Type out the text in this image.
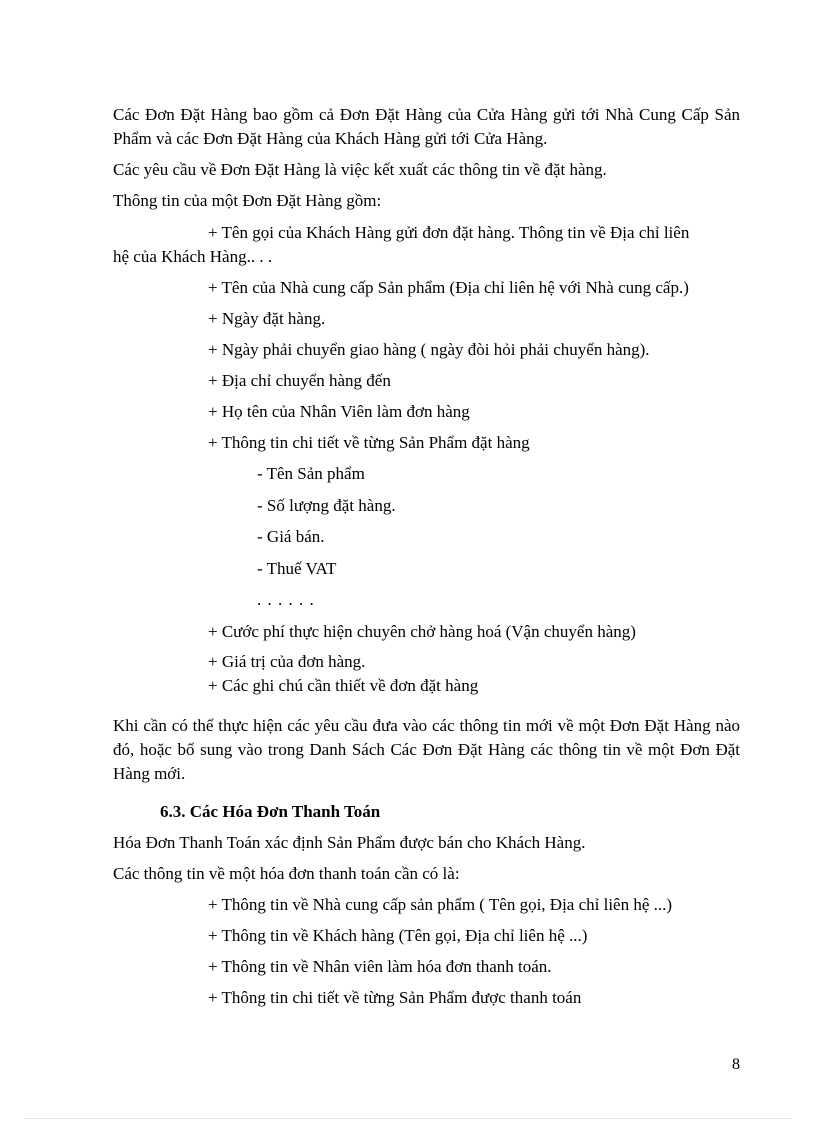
Các Đơn Đặt Hàng bao gồm cả Đơn Đặt Hàng của Cửa Hàng gửi tới Nhà Cung Cấp Sản Phẩm và các Đơn Đặt Hàng của Khách Hàng gửi tới Cửa Hàng.
Các yêu cầu về Đơn Đặt Hàng là việc kết xuất các thông tin về đặt hàng.
Thông tin của một Đơn Đặt Hàng gồm:
+ Tên gọi của Khách Hàng gửi đơn đặt hàng. Thông tin về Địa chỉ liên
hệ của Khách Hàng.. . .
+ Tên của Nhà cung cấp Sản phẩm (Địa chỉ liên hệ với Nhà cung cấp.)
+ Ngày đặt hàng.
+ Ngày phải chuyển giao hàng ( ngày đòi hỏi phải chuyển hàng).
+ Địa chỉ chuyển hàng đến
+ Họ tên của Nhân Viên làm đơn hàng
+ Thông tin chi tiết về từng Sản Phẩm đặt hàng
- Tên Sản phẩm
- Số lượng đặt hàng.
- Giá bán.
- Thuế VAT
. . . . . .
+ Cước phí thực hiện chuyên chở hàng hoá (Vận chuyển hàng)
+ Giá trị của đơn hàng.
+ Các ghi chú cần thiết về đơn đặt hàng
Khi cần có thể thực hiện các yêu cầu đưa vào các thông tin mới về một Đơn Đặt Hàng nào đó, hoặc bổ sung vào trong Danh Sách Các Đơn Đặt Hàng các thông tin về một Đơn Đặt Hàng mới.
6.3. Các Hóa Đơn Thanh Toán
Hóa Đơn Thanh Toán xác định Sản Phẩm được bán cho Khách Hàng.
Các thông tin về một hóa đơn thanh toán cần có là:
+ Thông tin về Nhà cung cấp sản phẩm ( Tên gọi, Địa chỉ liên hệ ...)
+ Thông tin về Khách hàng (Tên gọi, Địa chỉ liên hệ ...)
+ Thông tin về Nhân viên làm hóa đơn thanh toán.
+ Thông tin chi tiết về từng Sản Phẩm được thanh toán
8
